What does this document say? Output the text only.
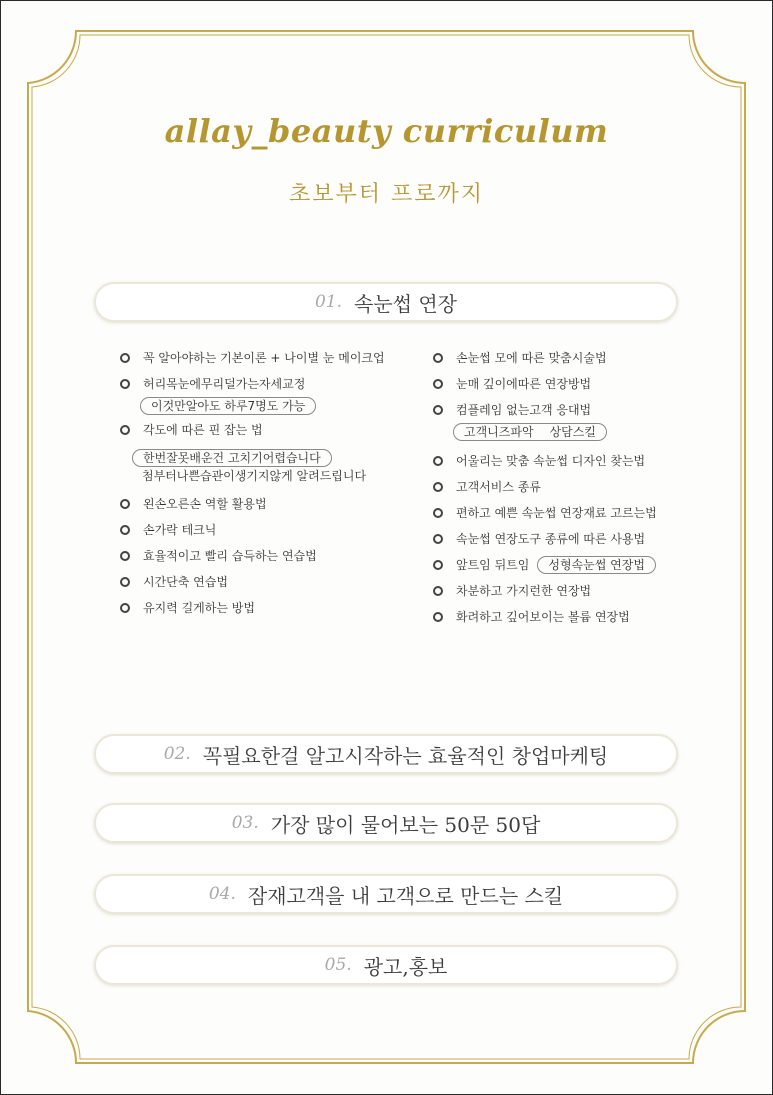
allay_beauty curriculum
초보부터 프로까지
01. 속눈썹 연장
꼭 알아야하는 기본이론 + 나이별 눈 메이크업
허리목눈에무리덜가는자세교정
이것만알아도 하루7명도 가능
각도에 따른 핀 잡는 법
한번잘못배운건 고치기어렵습니다
첨부터나쁜습관이생기지않게 알려드립니다
왼손오른손 역할 활용법
손가락 테크닉
효율적이고 빨리 습득하는 연습법
시간단축 연습법
유지력 길게하는 방법
손눈썹 모에 따른 맞춤시술법
눈매 깊이에따른 연장방법
컴플레임 없는고객 응대법
고객니즈파악 상담스킬
어울리는 맞춤 속눈썹 디자인 찾는법
고객서비스 종류
편하고 예쁜 속눈썹 연장재료 고르는법
속눈썹 연장도구 종류에 따른 사용법
앞트임 뒤트임 성형속눈썹 연장법
차분하고 가지런한 연장법
화려하고 깊어보이는 볼륨 연장법
02. 꼭필요한걸 알고시작하는 효율적인 창업마케팅
03. 가장 많이 물어보는 50문 50답
04. 잠재고객을 내 고객으로 만드는 스킬
05. 광고,홍보
